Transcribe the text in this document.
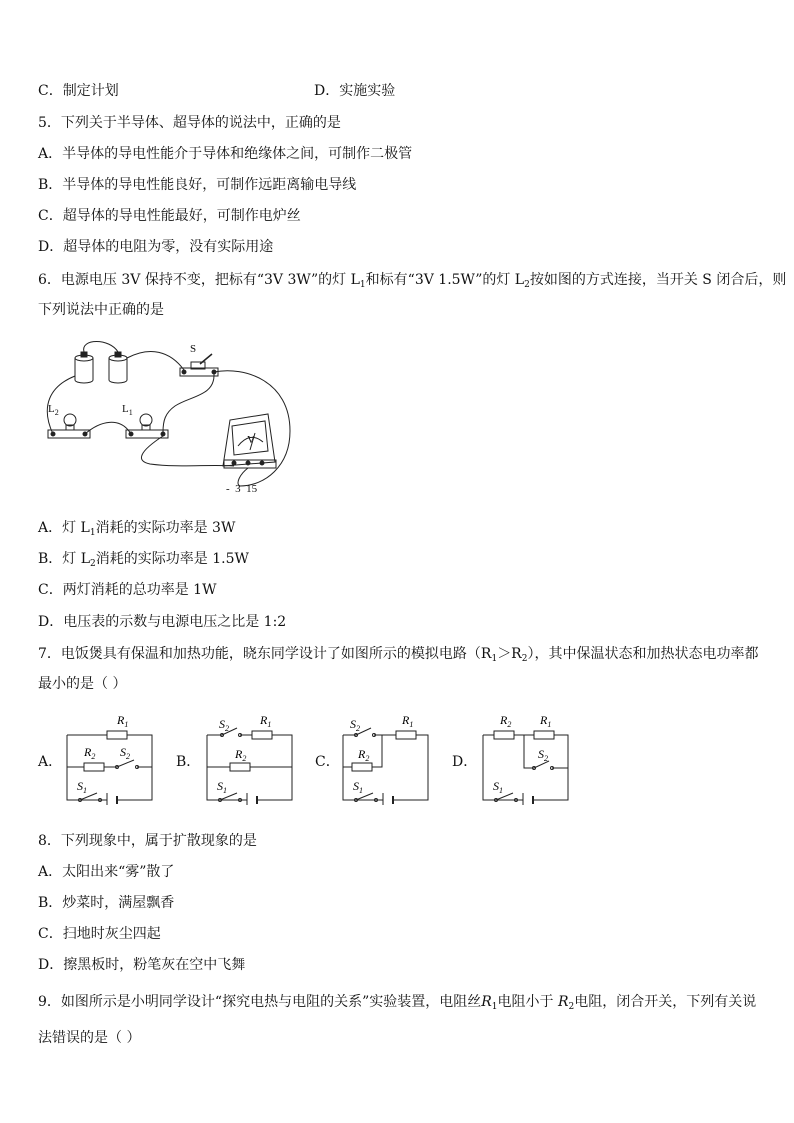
C．制定计划	D．实施实验
5．下列关于半导体、超导体的说法中，正确的是
A．半导体的导电性能介于导体和绝缘体之间，可制作二极管
B．半导体的导电性能良好，可制作远距离输电导线
C．超导体的导电性能最好，可制作电炉丝
D．超导体的电阻为零，没有实际用途
6．电源电压 3V 保持不变，把标有“3V 3W”的灯 $L_1$和标有“3V 1.5W”的灯 $L_2$按如图的方式连接，当开关 S 闭合后，则
下列说法中正确的是
S
$L_2$	$L_1$
V
-  3  15
A．灯 $L_1$消耗的实际功率是 3W
B．灯 $L_2$消耗的实际功率是 1.5W
C．两灯消耗的总功率是 1W
D．电压表的示数与电源电压之比是 1:2
7．电饭煲具有保温和加热功能，晓东同学设计了如图所示的模拟电路$(R_1>R_2)$，其中保温状态和加热状态电功率都
最小的是（ ）
A．	B．	C．	D．
$R_1$
$R_2$ $S_2$
$S_1$
$S_2$
$R_1$
$R_2$
$S_1$
$S_2$
$R_1$
$R_2$
$S_1$
$R_2$ $R_1$
$S_2$
$S_1$
8．下列现象中，属于扩散现象的是
A．太阳出来“雾”散了
B．炒菜时，满屋飘香
C．扫地时灰尘四起
D．擦黑板时，粉笔灰在空中飞舞
9．如图所示是小明同学设计“探究电热与电阻的关系”实验装置，电阻丝$R_1$电阻小于 $R_2$电阻，闭合开关，下列有关说
法错误的是（ ）
